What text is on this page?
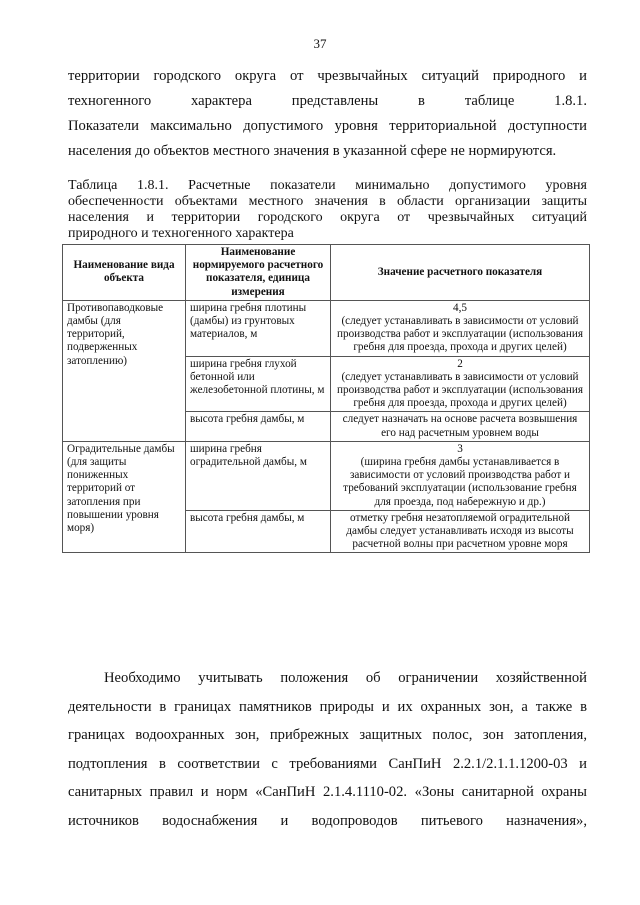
37
территории городского округа от чрезвычайных ситуаций природного и
техногенного характера представлены в таблице 1.8.1.
Показатели максимально допустимого уровня территориальной доступности
населения до объектов местного значения в указанной сфере не нормируются.
Таблица 1.8.1. Расчетные показатели минимально допустимого уровня
обеспеченности объектами местного значения в области организации защиты
населения и территории городского округа от чрезвычайных ситуаций
природного и техногенного характера
Наименование вида объекта	Наименование нормируемого расчетного показателя, единица измерения	Значение расчетного показателя
Противопаводковые дамбы (для территорий, подверженных затоплению)	ширина гребня плотины (дамбы) из грунтовых материалов, м	4,5
(следует устанавливать в зависимости от условий производства работ и эксплуатации (использования гребня для проезда, прохода и других целей)

	ширина гребня глухой бетонной или железобетонной плотины, м	2
(следует устанавливать в зависимости от условий производства работ и эксплуатации (использования гребня для проезда, прохода и других целей)

	высота гребня дамбы, м	следует назначать на основе расчета возвышения его над расчетным уровнем воды

Оградительные дамбы (для защиты пониженных территорий от затопления при повышении уровня моря)	ширина гребня оградительной дамбы, м	3
(ширина гребня дамбы устанавливается в зависимости от условий производства работ и требований эксплуатации (использование гребня для проезда, под набережную и др.)

	высота гребня дамбы, м	отметку гребня незатопляемой оградительной дамбы следует устанавливать исходя из высоты расчетной волны при расчетном уровне моря
Необходимо учитывать положения об ограничении хозяйственной
деятельности в границах памятников природы и их охранных зон, а также в
границах водоохранных зон, прибрежных защитных полос, зон затопления,
подтопления в соответствии с требованиями СанПиН 2.2.1/2.1.1.1200-03 и
санитарных правил и норм «СанПиН 2.1.4.1110-02. «Зоны санитарной охраны
источников водоснабжения и водопроводов питьевого назначения»,
